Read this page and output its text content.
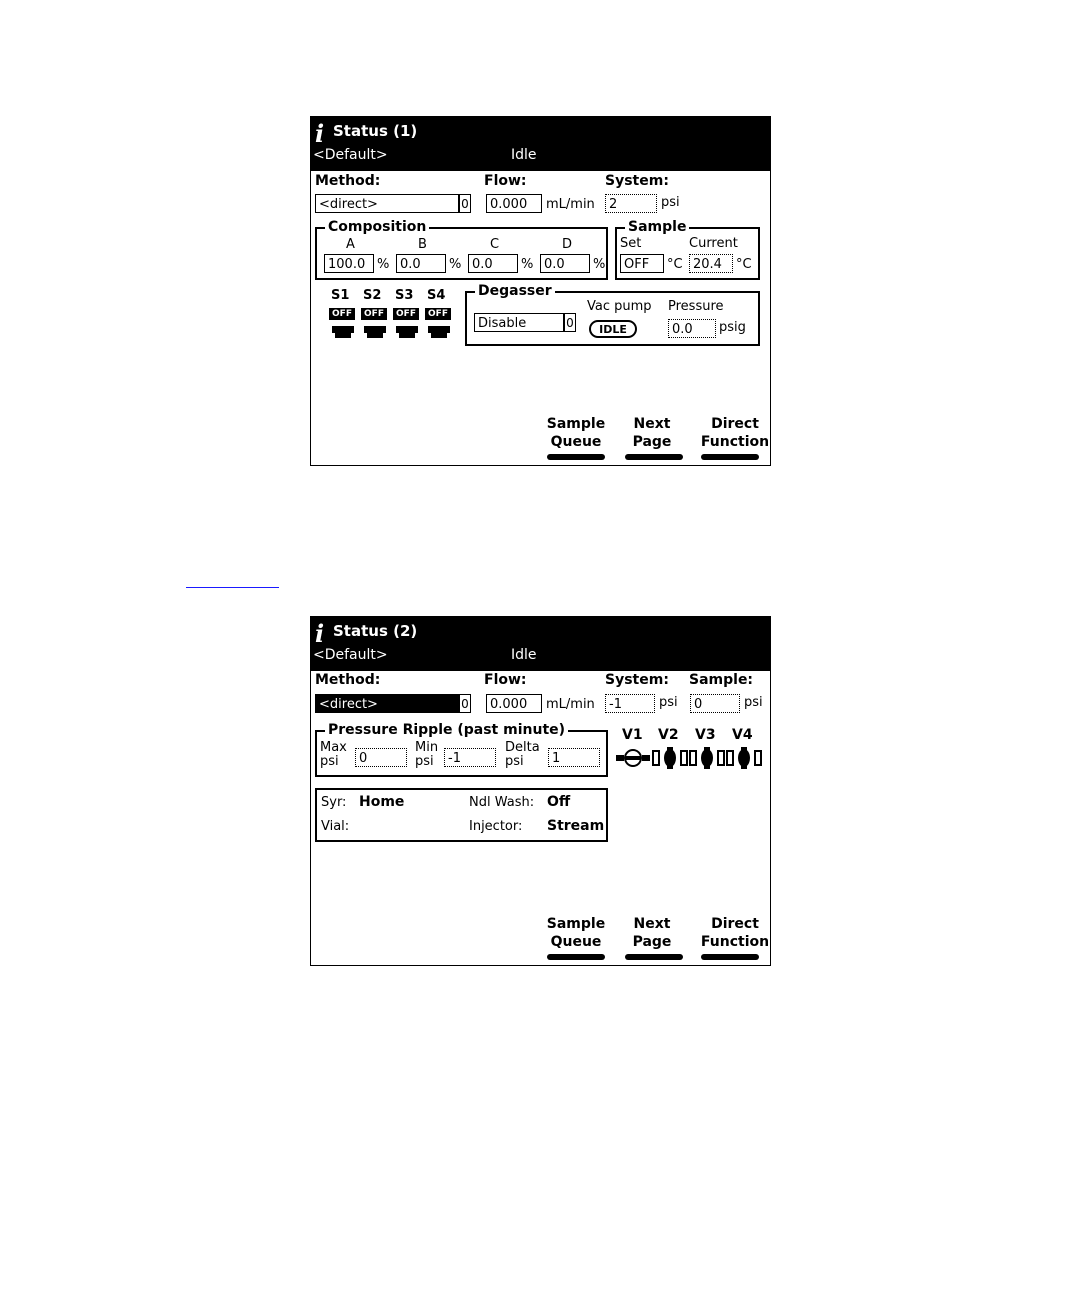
i Status (1)
<Default>	Idle
Method:
<direct>	0
Flow:
0.000	mL/min
System:
2	psi
Composition
A
100.0 %
B
0.0	%
C
0.0	%
D
0.0	%
Sample
Set
OFF	°C
Current
20.4	°C
S1
OFF
S2
OFF
S3
OFF
S4
OFF
Degasser
Disable	0
Vac pump
IDLE
Pressure
0.0	psig
Sample
Queue
Next
Page
Direct
Function
i Status (2)
<Default>	Idle
Method:
<direct>	0
Flow:
0.000	mL/min
System:
-1	psi
Sample:
0	psi
Pressure Ripple (past minute)
Max
psi	0
Min
psi	-1
Delta
psi	1
V1 V2 V3 V4
Syr: Home	Ndl Wash: Off
Vial:	Injector: Stream
Sample
Queue
Next
Page
Direct
Function
